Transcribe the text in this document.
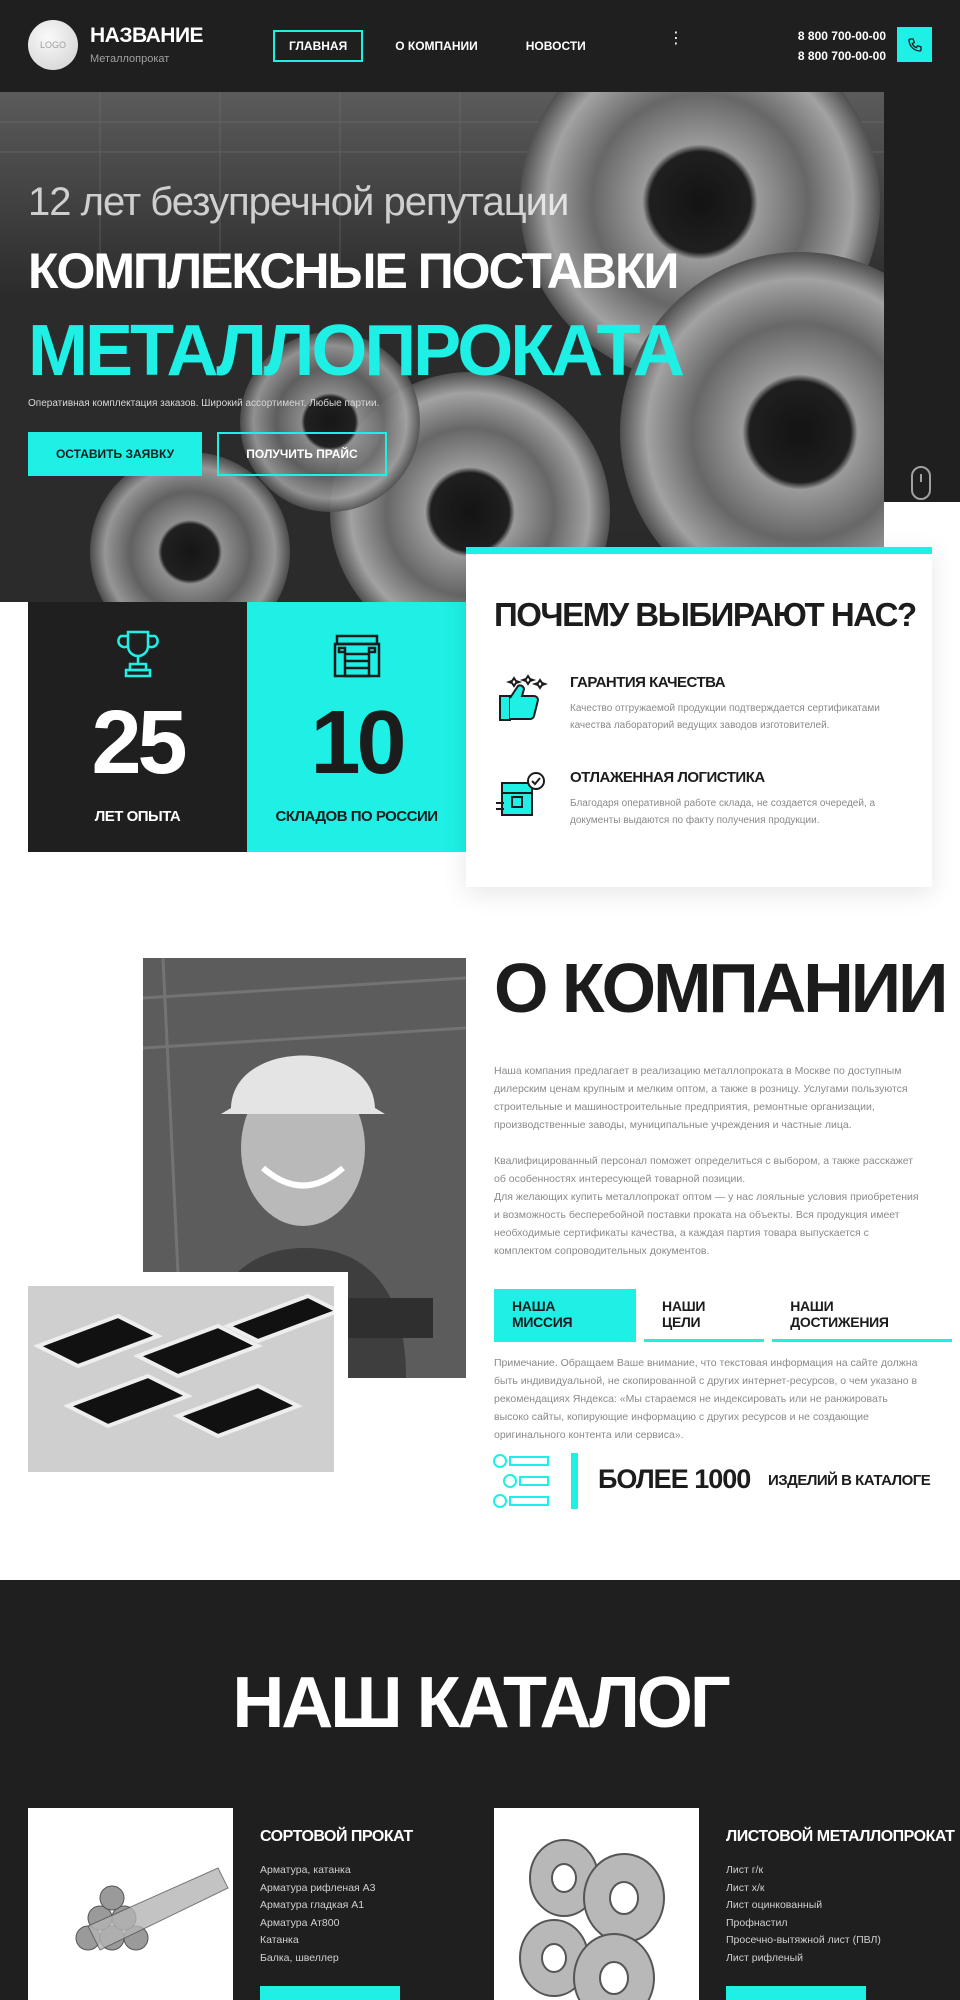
LOGO НАЗВАНИЕ
Металлопрокат
ГЛАВНАЯ	О КОМПАНИИ	НОВОСТИ	⋮	8 800 700-00-00
8 800 700-00-00
12 лет безупречной репутации
КОМПЛЕКСНЫЕ ПОСТАВКИ
МЕТАЛЛОПРОКАТА
Оперативная комплектация заказов. Широкий ассортимент. Любые партии.
ОСТАВИТЬ ЗАЯВКУ	ПОЛУЧИТЬ ПРАЙС
25
ЛЕТ ОПЫТА
10
СКЛАДОВ ПО РОССИИ
ПОЧЕМУ ВЫБИРАЮТ НАС?
ГАРАНТИЯ КАЧЕСТВА
Качество отгружаемой продукции подтверждается сертификатами качества лабораторий ведущих заводов изготовителей.
ОТЛАЖЕННАЯ ЛОГИСТИКА
Благодаря оперативной работе склада, не создается очередей, а документы выдаются по факту получения продукции.
О КОМПАНИИ
Наша компания предлагает в реализацию металлопроката в Москве по доступным дилерским ценам крупным и мелким оптом, а также в розницу. Услугами пользуются строительные и машиностроительные предприятия, ремонтные организации, производственные заводы, муниципальные учреждения и частные лица.
Квалифицированный персонал поможет определиться с выбором, а также расскажет об особенностях интересующей товарной позиции.
Для желающих купить металлопрокат оптом — у нас лояльные условия приобретения и возможность бесперебойной поставки проката на объекты. Вся продукция имеет необходимые сертификаты качества, а каждая партия товара выпускается с комплектом сопроводительных документов.
НАША МИССИЯ
НАШИ ЦЕЛИ
НАШИ ДОСТИЖЕНИЯ
Примечание. Обращаем Ваше внимание, что текстовая информация на сайте должна быть индивидуальной, не скопированной с других интернет-ресурсов, о чем указано в рекомендациях Яндекса: «Мы стараемся не индексировать или не ранжировать высоко сайты, копирующие информацию с других ресурсов и не создающие оригинального контента или сервиса».
БОЛЕЕ 1000 ИЗДЕЛИЙ В КАТАЛОГЕ
НАШ КАТАЛОГ
СОРТОВОЙ ПРОКАТ
Арматура, катанка
Арматура рифленая А3
Арматура гладкая А1
Арматура Ат800
Катанка
Балка, швеллер
ЛИСТОВОЙ МЕТАЛЛОПРОКАТ
Лист г/к
Лист х/к
Лист оцинкованный
Профнастил
Просечно-вытяжной лист (ПВЛ)
Лист рифленый
